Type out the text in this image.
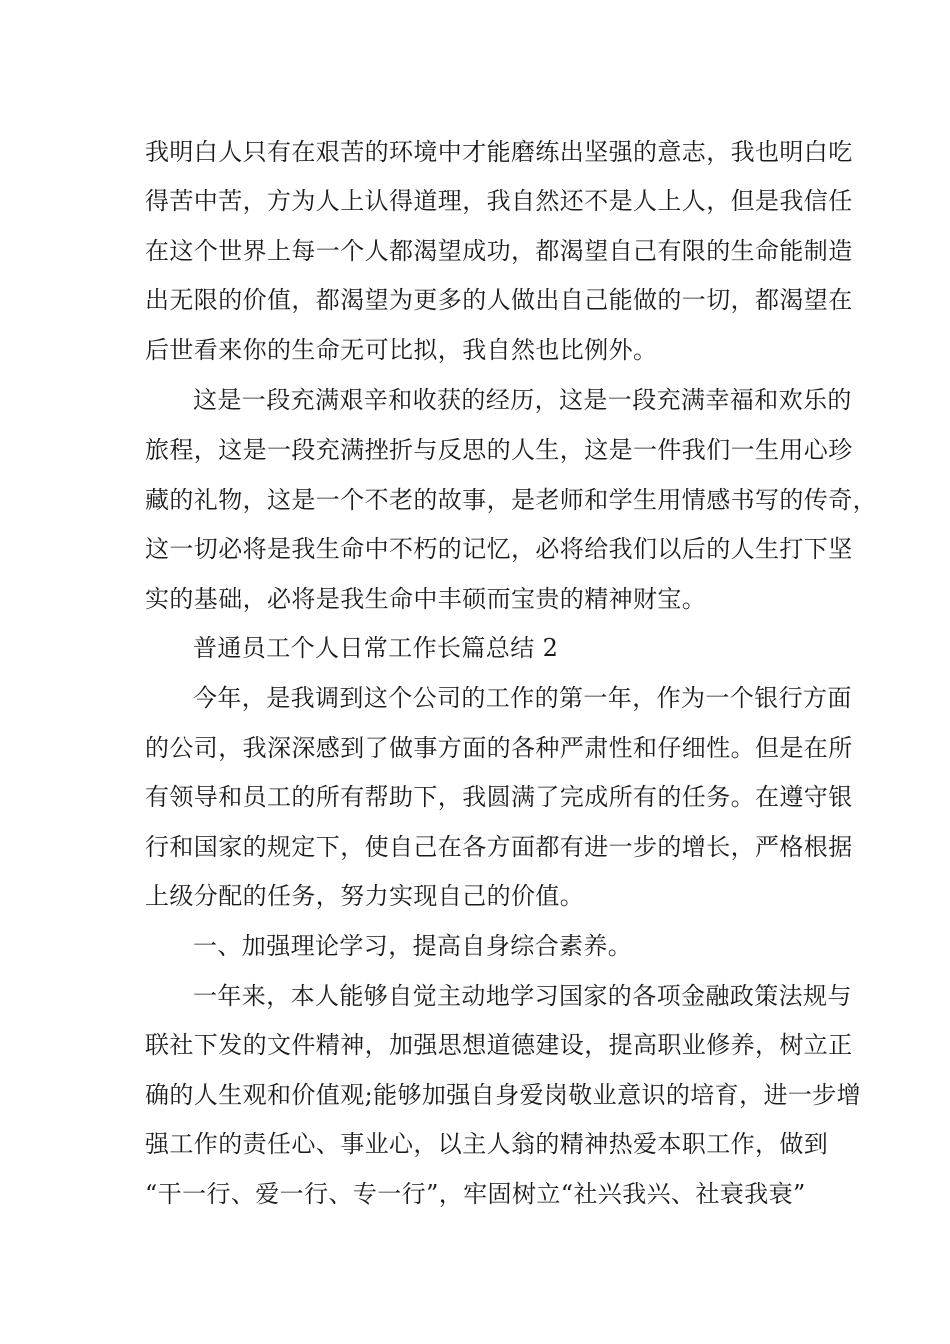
我明白人只有在艰苦的环境中才能磨练出坚强的意志，我也明白吃
得苦中苦，方为人上认得道理，我自然还不是人上人，但是我信任
在这个世界上每一个人都渴望成功，都渴望自己有限的生命能制造
出无限的价值，都渴望为更多的人做出自己能做的一切，都渴望在
后世看来你的生命无可比拟，我自然也比例外。
这是一段充满艰辛和收获的经历，这是一段充满幸福和欢乐的
旅程，这是一段充满挫折与反思的人生，这是一件我们一生用心珍
藏的礼物，这是一个不老的故事，是老师和学生用情感书写的传奇，
这一切必将是我生命中不朽的记忆，必将给我们以后的人生打下坚
实的基础，必将是我生命中丰硕而宝贵的精神财宝。
普通员工个人日常工作长篇总结 2
今年，是我调到这个公司的工作的第一年，作为一个银行方面
的公司，我深深感到了做事方面的各种严肃性和仔细性。但是在所
有领导和员工的所有帮助下，我圆满了完成所有的任务。在遵守银
行和国家的规定下，使自己在各方面都有进一步的增长，严格根据
上级分配的任务，努力实现自己的价值。
一、加强理论学习，提高自身综合素养。
一年来，本人能够自觉主动地学习国家的各项金融政策法规与
联社下发的文件精神，加强思想道德建设，提高职业修养，树立正
确的人生观和价值观;能够加强自身爱岗敬业意识的培育，进一步增
强工作的责任心、事业心，以主人翁的精神热爱本职工作，做到
“干一行、爱一行、专一行”，牢固树立“社兴我兴、社衰我衰”
